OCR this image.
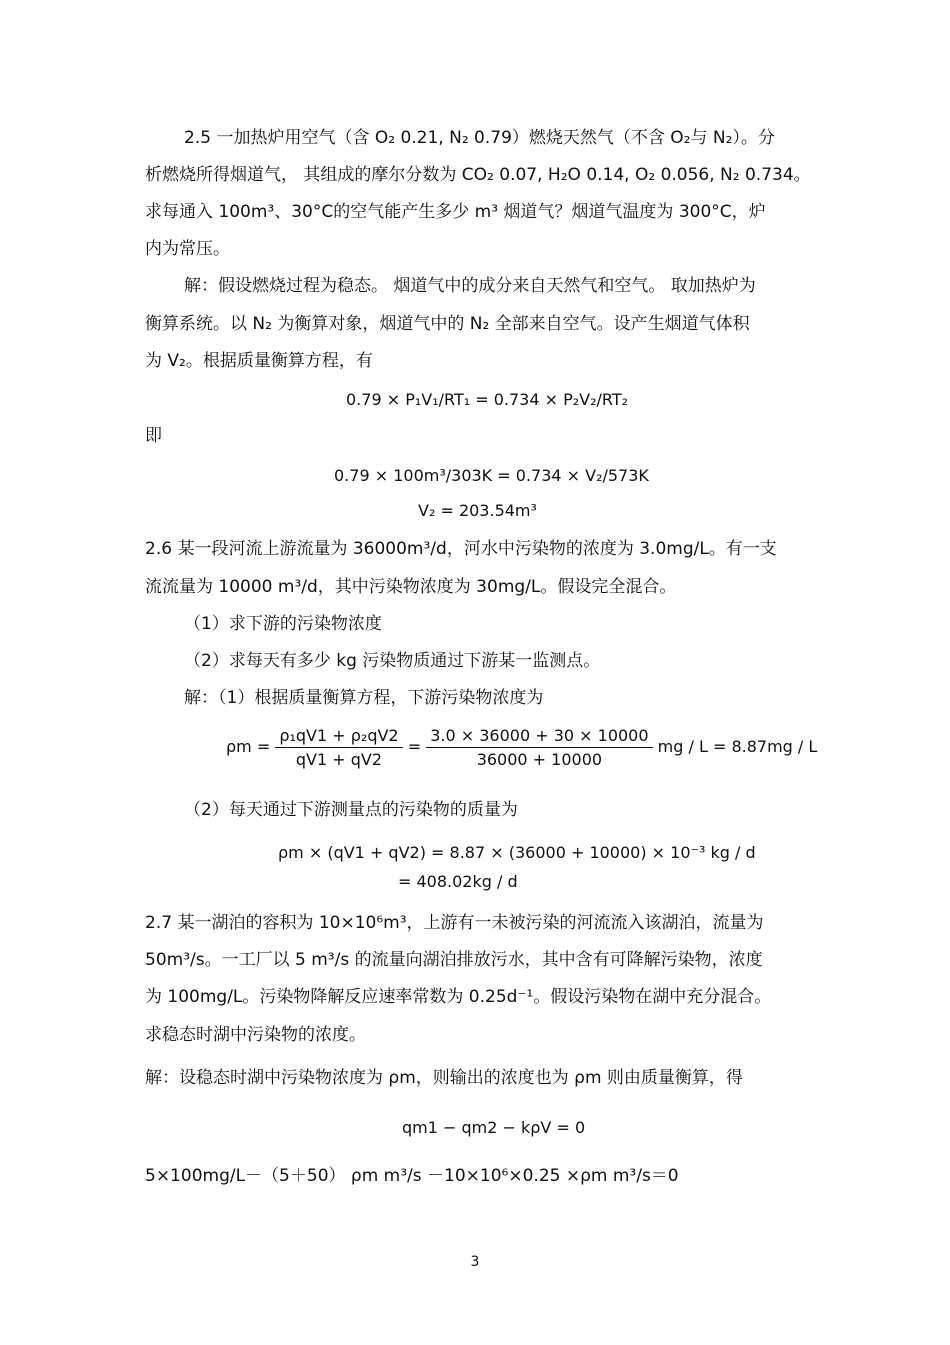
2.5 一加热炉用空气（含 O₂ 0.21, N₂ 0.79）燃烧天然气（不含 O₂与 N₂）。分
析燃烧所得烟道气， 其组成的摩尔分数为 CO₂ 0.07, H₂O 0.14, O₂ 0.056, N₂ 0.734。
求每通入 100m³、30°C的空气能产生多少 m³ 烟道气？烟道气温度为 300°C，炉
内为常压。
解：假设燃烧过程为稳态。 烟道气中的成分来自天然气和空气。 取加热炉为
衡算系统。以 N₂ 为衡算对象，烟道气中的 N₂ 全部来自空气。设产生烟道气体积
为 V₂。根据质量衡算方程，有
0.79 × P₁V₁/RT₁ = 0.734 × P₂V₂/RT₂
即
0.79 × 100m³/303K = 0.734 × V₂/573K
V₂ = 203.54m³
2.6 某一段河流上游流量为 36000m³/d，河水中污染物的浓度为 3.0mg/L。有一支
流流量为 10000 m³/d，其中污染物浓度为 30mg/L。假设完全混合。
（1）求下游的污染物浓度
（2）求每天有多少 kg 污染物质通过下游某一监测点。
解：（1）根据质量衡算方程，下游污染物浓度为
$\rho m = \frac{\text{ρ₁qV1 + ρ₂qV2}}{qV1 + qV2} = \frac{3.0 \times 36000 + 30 \times 10000}{36000 + 10000}$ mg / L = 8.87mg / L
（2）每天通过下游测量点的污染物的质量为
ρm × (qV1 + qV2) = 8.87 × (36000 + 10000) × 10⁻³ kg / d
= 408.02kg / d
2.7 某一湖泊的容积为 10×10⁶m³，上游有一未被污染的河流流入该湖泊，流量为
50m³/s。一工厂以 5 m³/s 的流量向湖泊排放污水，其中含有可降解污染物，浓度
为 100mg/L。污染物降解反应速率常数为 0.25d⁻¹。假设污染物在湖中充分混合。
求稳态时湖中污染物的浓度。
解：设稳态时湖中污染物浓度为 ρm，则输出的浓度也为 ρm 则由质量衡算，得
qm1 − qm2 − kρV = 0
5×100mg/L－（5＋50） ρm m³/s －10×10⁶×0.25 ×ρm m³/s＝0
3
